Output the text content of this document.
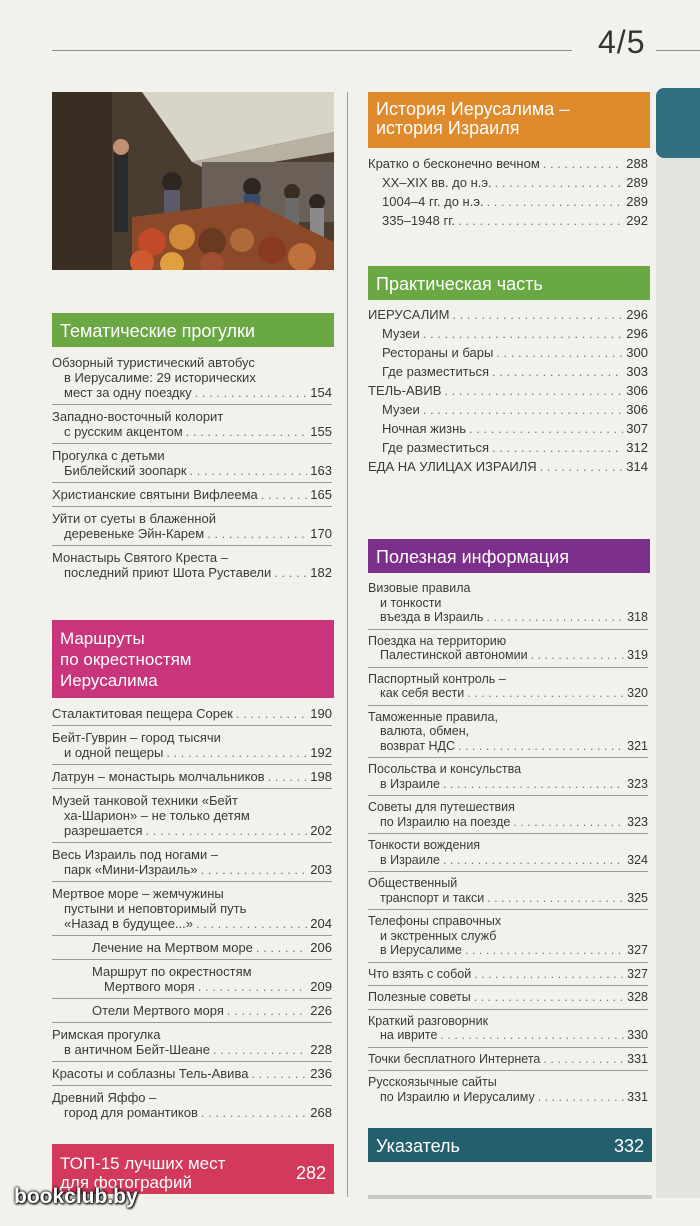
4/5
Тематические прогулки
Обзорный туристический автобус
в Иерусалиме: 29 исторических
мест за одну поездку . . .	154
Западно-восточный колорит
с русским акцентом . . .	155
Прогулка с детьми
Библейский зоопарк . . .	163
Христианские святыни Вифлеема . . .	165
Уйти от суеты в блаженной
деревеньке Эйн-Карем . . .	170
Монастырь Святого Креста –
последний приют Шота Руставели . . .	182
Маршруты
по окрестностям
Иерусалима
Сталактитовая пещера Сорек . . .	190
Бейт-Гуврин – город тысячи
и одной пещеры . . .	192
Латрун – монастырь молчальников . . .	198
Музей танковой техники «Бейт
ха-Шарион» – не только детям
разрешается . . .	202
Весь Израиль под ногами –
парк «Мини-Израиль» . . .	203
Мертвое море – жемчужины
пустыни и неповторимый путь
«Назад в будущее...» . . .	204
Лечение на Мертвом море . . .	206
Маршрут по окрестностям
Мертвого моря . . .	209
Отели Мертвого моря . . .	226
Римская прогулка
в античном Бейт-Шеане . . .	228
Красоты и соблазны Тель-Авива . . .	236
Древний Яффо –
город для романтиков . . .	268
ТОП-15 лучших мест
для фотографий	282
История Иерусалима –
история Израиля
Кратко о бесконечно вечном . . .	288
XX–XIX вв. до н.э. . . .	289
1004–4 гг. до н.э. . . .	289
335–1948 гг. . . .	292
Практическая часть
ИЕРУСАЛИМ . . .	296
Музеи . . .	296
Рестораны и бары . . .	300
Где разместиться . . .	303
ТЕЛЬ-АВИВ . . .	306
Музеи . . .	306
Ночная жизнь . . .	307
Где разместиться . . .	312
ЕДА НА УЛИЦАХ ИЗРАИЛЯ . . .	314
Полезная информация
Визовые правила
и тонкости
въезда в Израиль . . .	318
Поездка на территорию
Палестинской автономии . . .	319
Паспортный контроль –
как себя вести . . .	320
Таможенные правила,
валюта, обмен,
возврат НДС . . .	321
Посольства и консульства
в Израиле . . .	323
Советы для путешествия
по Израилю на поезде . . .	323
Тонкости вождения
в Израиле . . .	324
Общественный
транспорт и такси . . .	325
Телефоны справочных
и экстренных служб
в Иерусалиме . . .	327
Что взять с собой . . .	327
Полезные советы . . .	328
Краткий разговорник
на иврите . . .	330
Точки бесплатного Интернета . . .	331
Русскоязычные сайты
по Израилю и Иерусалиму . . .	331
Указатель	332
bookclub.by
